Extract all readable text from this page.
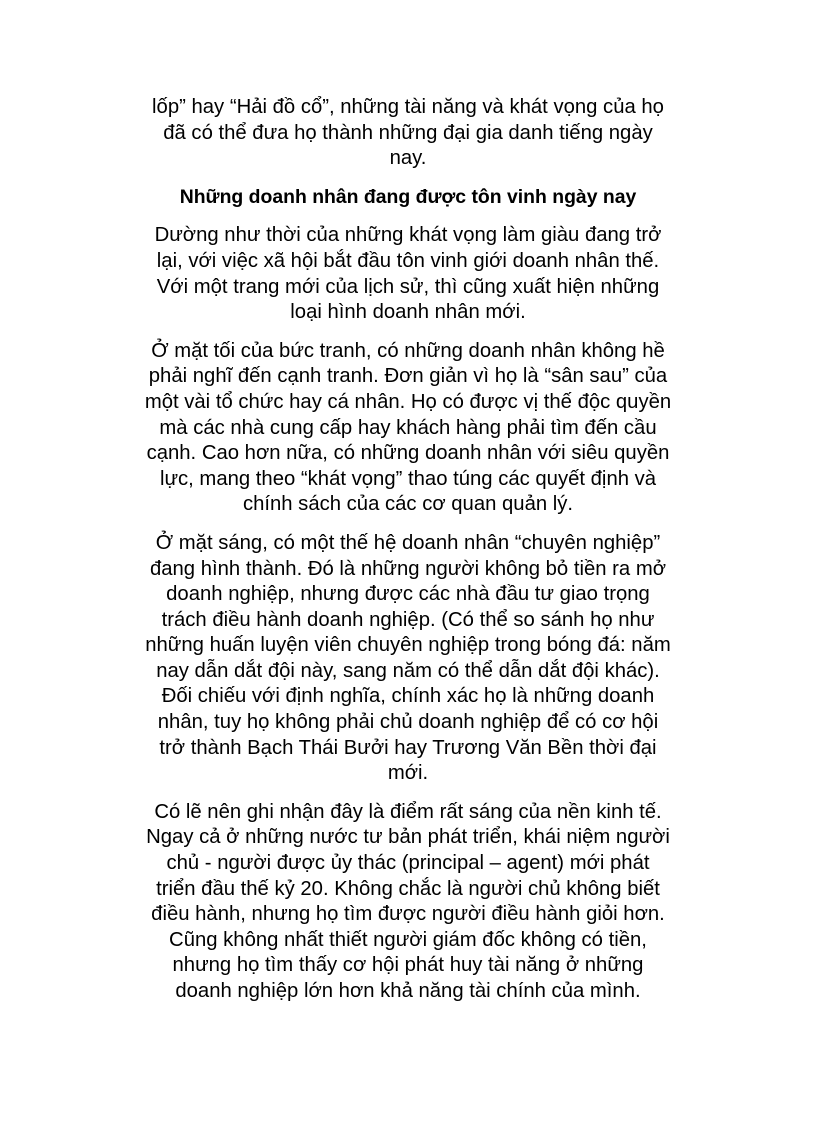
lốp” hay “Hải đồ cổ”, những tài năng và khát vọng của họ
đã có thể đưa họ thành những đại gia danh tiếng ngày
nay.
Những doanh nhân đang được tôn vinh ngày nay
Dường như thời của những khát vọng làm giàu đang trở
lại, với việc xã hội bắt đầu tôn vinh giới doanh nhân thế.
Với một trang mới của lịch sử, thì cũng xuất hiện những
loại hình doanh nhân mới.
Ở mặt tối của bức tranh, có những doanh nhân không hề
phải nghĩ đến cạnh tranh. Đơn giản vì họ là “sân sau” của
một vài tổ chức hay cá nhân. Họ có được vị thế độc quyền
mà các nhà cung cấp hay khách hàng phải tìm đến cầu
cạnh. Cao hơn nữa, có những doanh nhân với siêu quyền
lực, mang theo “khát vọng” thao túng các quyết định và
chính sách của các cơ quan quản lý.
Ở mặt sáng, có một thế hệ doanh nhân “chuyên nghiệp”
đang hình thành. Đó là những người không bỏ tiền ra mở
doanh nghiệp, nhưng được các nhà đầu tư giao trọng
trách điều hành doanh nghiệp. (Có thể so sánh họ như
những huấn luyện viên chuyên nghiệp trong bóng đá: năm
nay dẫn dắt đội này, sang năm có thể dẫn dắt đội khác).
Đối chiếu với định nghĩa, chính xác họ là những doanh
nhân, tuy họ không phải chủ doanh nghiệp để có cơ hội
trở thành Bạch Thái Bưởi hay Trương Văn Bền thời đại
mới.
Có lẽ nên ghi nhận đây là điểm rất sáng của nền kinh tế.
Ngay cả ở những nước tư bản phát triển, khái niệm người
chủ - người được ủy thác (principal – agent) mới phát
triển đầu thế kỷ 20. Không chắc là người chủ không biết
điều hành, nhưng họ tìm được người điều hành giỏi hơn.
Cũng không nhất thiết người giám đốc không có tiền,
nhưng họ tìm thấy cơ hội phát huy tài năng ở những
doanh nghiệp lớn hơn khả năng tài chính của mình.
